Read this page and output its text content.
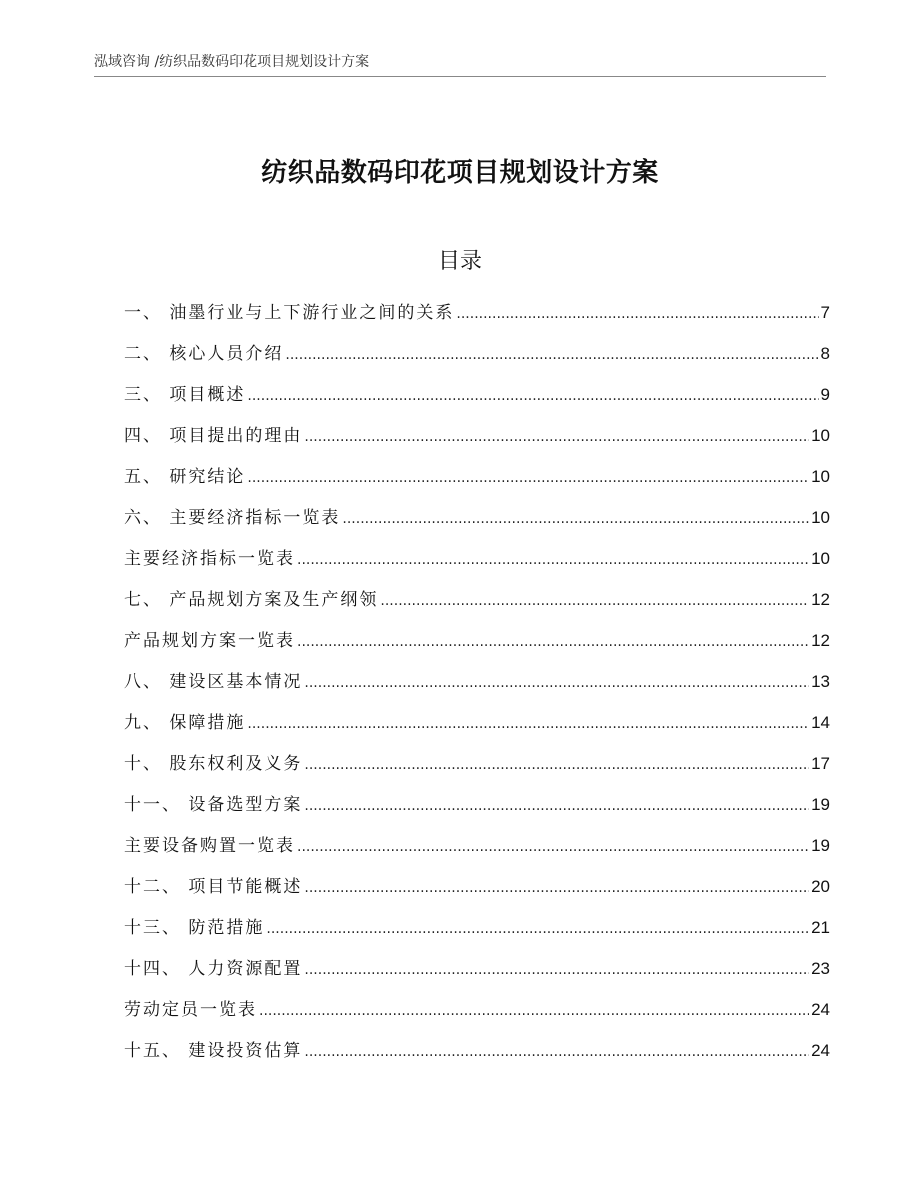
泓域咨询 /纺织品数码印花项目规划设计方案
纺织品数码印花项目规划设计方案
目录
一、 油墨行业与上下游行业之间的关系 .....	7
二、 核心人员介绍 .....	8
三、 项目概述 .....	9
四、 项目提出的理由 .....	10
五、 研究结论 .....	10
六、 主要经济指标一览表 .....	10
主要经济指标一览表 .....	10
七、 产品规划方案及生产纲领 .....	12
产品规划方案一览表 .....	12
八、 建设区基本情况 .....	13
九、 保障措施 .....	14
十、 股东权利及义务 .....	17
十一、 设备选型方案 .....	19
主要设备购置一览表 .....	19
十二、 项目节能概述 .....	20
十三、 防范措施 .....	21
十四、 人力资源配置 .....	23
劳动定员一览表 .....	24
十五、 建设投资估算 .....	24
